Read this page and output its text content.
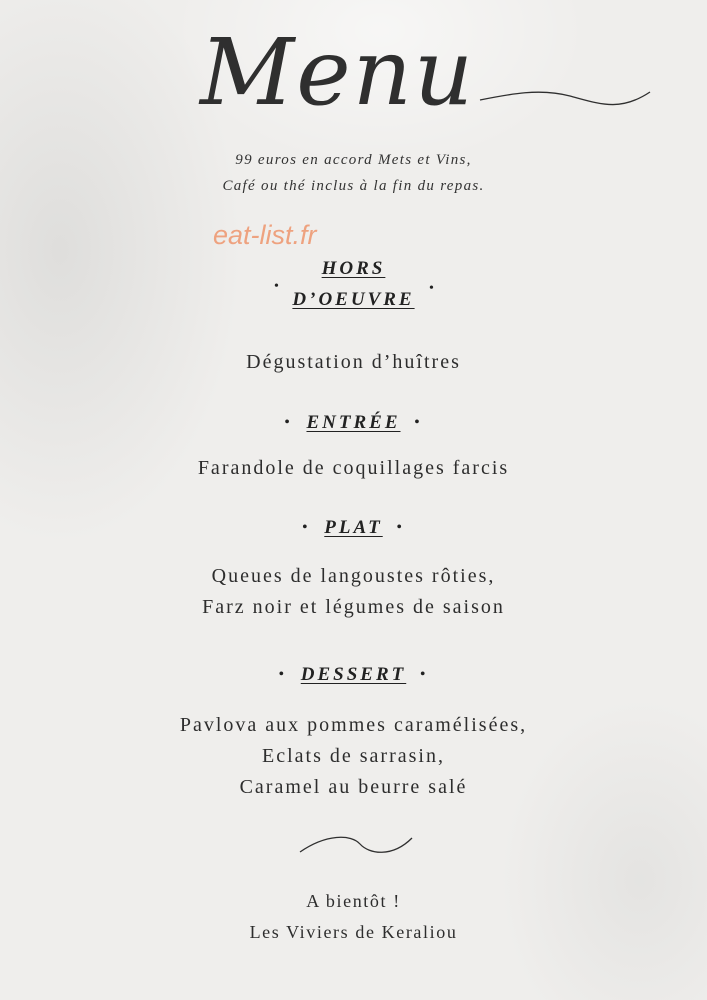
Menu
99 euros en accord Mets et Vins,
Café ou thé inclus à la fin du repas.
eat-list.fr
HORS
•
D’OEUVRE
•
Dégustation d’huîtres
• ENTRÉE •
Farandole de coquillages farcis
• PLAT •
Queues de langoustes rôties,
Farz noir et légumes de saison
• DESSERT •
Pavlova aux pommes caramélisées,
Eclats de sarrasin,
Caramel au beurre salé
A bientôt !
Les Viviers de Keraliou
